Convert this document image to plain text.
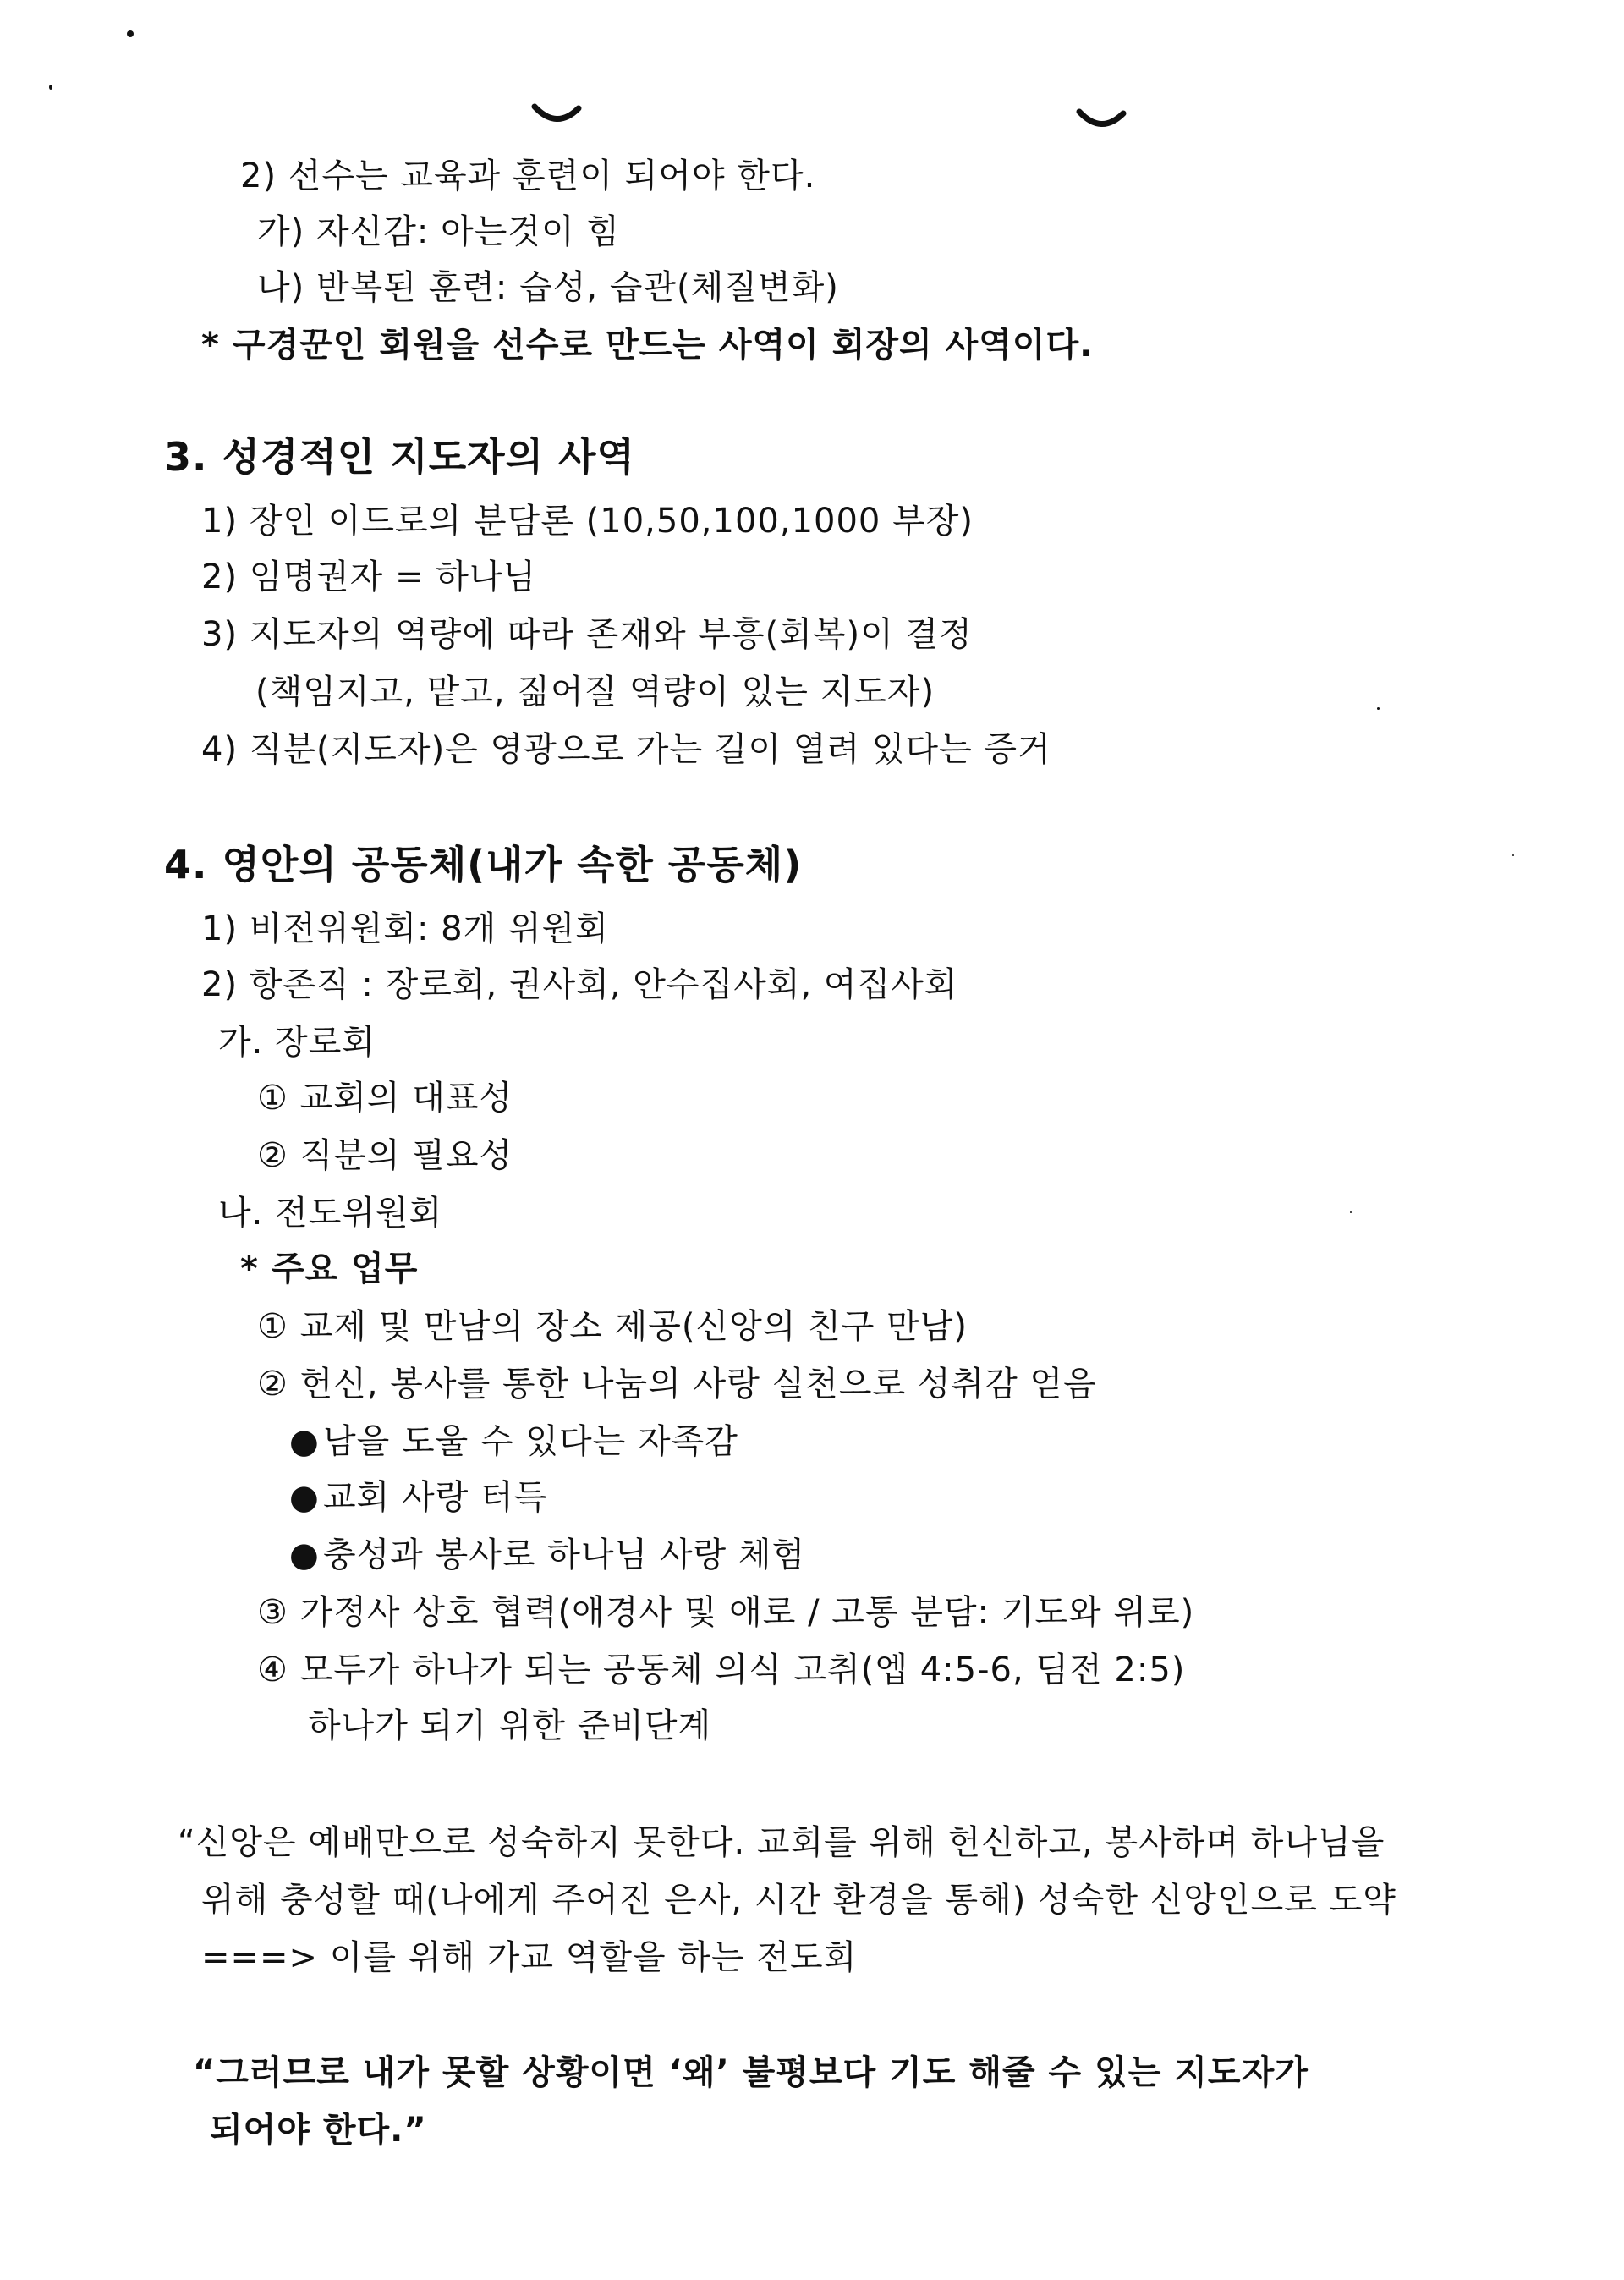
2) 선수는 교육과 훈련이 되어야 한다.
가) 자신감: 아는것이 힘
나) 반복된 훈련: 습성, 습관(체질변화)
* 구경꾼인 회원을 선수로 만드는 사역이 회장의 사역이다.
3. 성경적인 지도자의 사역
1) 장인 이드로의 분담론 (10,50,100,1000 부장)
2) 임명권자 = 하나님
3) 지도자의 역량에 따라 존재와 부흥(회복)이 결정
(책임지고, 맡고, 짊어질 역량이 있는 지도자)
4) 직분(지도자)은 영광으로 가는 길이 열려 있다는 증거
4. 영안의 공동체(내가 속한 공동체)
1) 비전위원회: 8개 위원회
2) 항존직 : 장로회, 권사회, 안수집사회, 여집사회
가. 장로회
① 교회의 대표성
② 직분의 필요성
나. 전도위원회
* 주요 업무
① 교제 및 만남의 장소 제공(신앙의 친구 만남)
② 헌신, 봉사를 통한 나눔의 사랑 실천으로 성취감 얻음
● 남을 도울 수 있다는 자족감
● 교회 사랑 터득
● 충성과 봉사로 하나님 사랑 체험
③ 가정사 상호 협력(애경사 및 애로 / 고통 분담: 기도와 위로)
④ 모두가 하나가 되는 공동체 의식 고취(엡 4:5-6, 딤전 2:5)
하나가 되기 위한 준비단계
“신앙은 예배만으로 성숙하지 못한다. 교회를 위해 헌신하고, 봉사하며 하나님을
위해 충성할 때(나에게 주어진 은사, 시간 환경을 통해) 성숙한 신앙인으로 도약
===> 이를 위해 가교 역할을 하는 전도회
“그러므로 내가 못할 상황이면 ‘왜’ 불평보다 기도 해줄 수 있는 지도자가
되어야 한다.”
